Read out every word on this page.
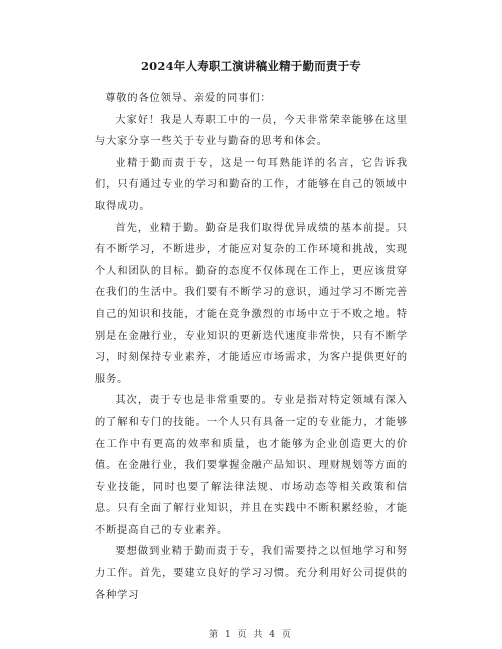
2024年人寿职工演讲稿业精于勤而责于专

尊敬的各位领导、亲爱的同事们：

大家好！我是人寿职工中的一员，今天非常荣幸能够在这里与大家分享一些关于专业与勤奋的思考和体会。

业精于勤而责于专，这是一句耳熟能详的名言，它告诉我们，只有通过专业的学习和勤奋的工作，才能够在自己的领域中取得成功。

首先，业精于勤。勤奋是我们取得优异成绩的基本前提。只有不断学习，不断进步，才能应对复杂的工作环境和挑战，实现个人和团队的目标。勤奋的态度不仅体现在工作上，更应该贯穿在我们的生活中。我们要有不断学习的意识，通过学习不断完善自己的知识和技能，才能在竞争激烈的市场中立于不败之地。特别是在金融行业，专业知识的更新迭代速度非常快，只有不断学习，时刻保持专业素养，才能适应市场需求，为客户提供更好的服务。

其次，责于专也是非常重要的。专业是指对特定领域有深入的了解和专门的技能。一个人只有具备一定的专业能力，才能够在工作中有更高的效率和质量，也才能够为企业创造更大的价值。在金融行业，我们要掌握金融产品知识、理财规划等方面的专业技能，同时也要了解法律法规、市场动态等相关政策和信息。只有全面了解行业知识，并且在实践中不断积累经验，才能不断提高自己的专业素养。

要想做到业精于勤而责于专，我们需要持之以恒地学习和努力工作。首先，要建立良好的学习习惯。充分利用好公司提供的各种学习

第 1 页 共 4 页
